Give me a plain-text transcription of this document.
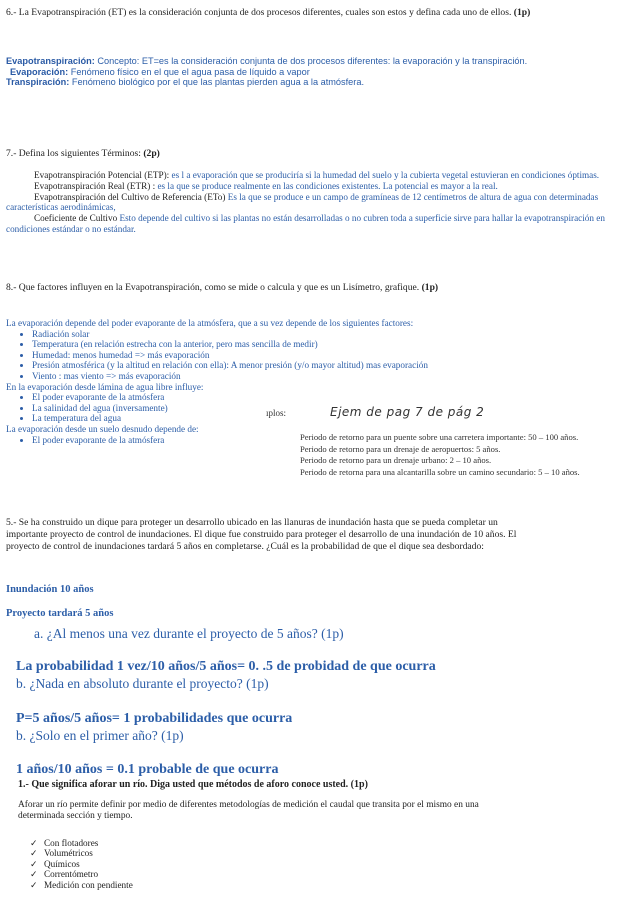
6.- La Evapotranspiración (ET) es la consideración conjunta de dos procesos diferentes, cuales son estos y defina cada uno de ellos. (1p)
Evapotranspiración: Concepto: ET=es la consideración conjunta de dos procesos diferentes: la evaporación y la transpiración.
Evaporación: Fenómeno físico en el que el agua pasa de líquido a vapor
Transpiración: Fenómeno biológico por el que las plantas pierden agua a la atmósfera.
7.- Defina los siguientes Términos: (2p)

Evapotranspiración Potencial (ETP): es l a evaporación que se produciría si la humedad del suelo y la cubierta vegetal estuvieran en condiciones óptimas.

Evapotranspiración Real (ETR) : es la que se produce realmente en las condiciones existentes. La potencial es mayor a la real.

Evapotranspiración del Cultivo de Referencia (ETo) Es la que se produce e un campo de gramíneas de 12 centímetros de altura de agua con determinadas características aerodinámicas,

Coeficiente de Cultivo Esto depende del cultivo si las plantas no están desarrolladas o no cubren toda a superficie sirve para hallar la evapotranspiración en condiciones estándar o no estándar.

8.- Que factores influyen en la Evapotranspiración, como se mide o calcula y que es un Lisímetro, grafique. (1p)
La evaporación depende del poder evaporante de la atmósfera, que a su vez depende de los siguientes factores:
• Radiación solar
• Temperatura (en relación estrecha con la anterior, pero mas sencilla de medir)
• Humedad: menos humedad => más evaporación
• Presión atmosférica (y la altitud en relación con ella): A menor presión (y/o mayor altitud) mas evaporación
• Viento : mas viento => más evaporación
En la evaporación desde lámina de agua libre influye:
• El poder evaporante de la atmósfera
• La salinidad del agua (inversamente)
• La temperatura del agua
La evaporación desde un suelo desnudo depende de:
• El poder evaporante de la atmósfera
ıplos:	Ejem de pag 7 de pág 2

Periodo de retorno para un puente sobre una carretera importante: 50 – 100 años.

Periodo de retorno para un drenaje de aeropuertos: 5 años.

Periodo de retorno para un drenaje urbano: 2 – 10 años.

Periodo de retorna para una alcantarilla sobre un camino secundario: 5 – 10 años.

5.- Se ha construido un dique para proteger un desarrollo ubicado en las llanuras de inundación hasta que se pueda completar un importante proyecto de control de inundaciones. El dique fue construido para proteger el desarrollo de una inundación de 10 años. El proyecto de control de inundaciones tardará 5 años en completarse. ¿Cuál es la probabilidad de que el dique sea desbordado:
Inundación 10 años
Proyecto tardará 5 años
a. ¿Al menos una vez durante el proyecto de 5 años? (1p)
La probabilidad 1 vez/10 años/5 años= 0. .5 de probidad de que ocurra
b. ¿Nada en absoluto durante el proyecto? (1p)
P=5 años/5 años= 1 probabilidades que ocurra
b. ¿Solo en el primer año? (1p)
1 años/10 años = 0.1 probable de que ocurra
1.- Que significa aforar un río. Diga usted que métodos de aforo conoce usted. (1p)
Aforar un río permite definir por medio de diferentes metodologías de medición el caudal que transita por el mismo en una determinada sección y tiempo.
✓ Con flotadores
✓ Volumétricos
✓ Químicos
✓ Correntómetro
✓ Medición con pendiente
